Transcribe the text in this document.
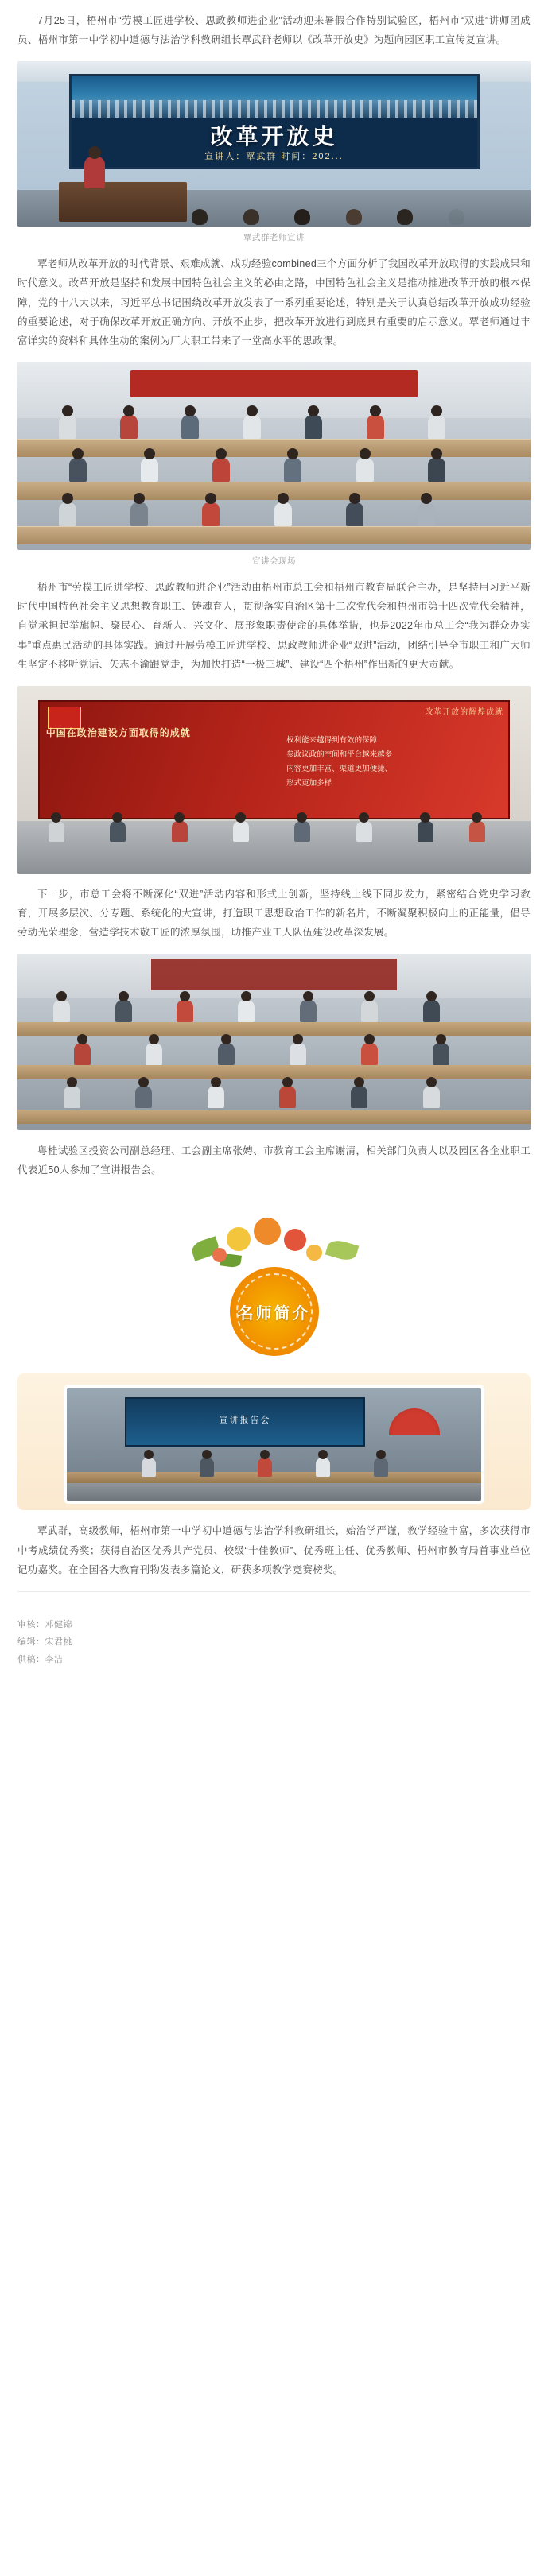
7月25日，梧州市“劳模工匠进学校、思政教师进企业”活动迎来暑假合作特别试验区，梧州市“双进”讲师团成员、梧州市第一中学初中道德与法治学科教研组长覃武群老师以《改革开放史》为题向园区职工宣传复宣讲。

改革开放史
宣讲人：覃武群 时间：202...
覃武群老师宣讲

覃老师从改革开放的时代背景、艰难成就、成功经验combined三个方面分析了我国改革开放取得的实践成果和时代意义。改革开放是坚持和发展中国特色社会主义的必由之路，中国特色社会主义是推动推进改革开放的根本保障，党的十八大以来，习近平总书记围绕改革开放发表了一系列重要论述，特别是关于认真总结改革开放成功经验的重要论述，对于确保改革开放正确方向、开放不止步，把改革开放进行到底具有重要的启示意义。覃老师通过丰富详实的资料和具体生动的案例为厂大职工带来了一堂高水平的思政课。

宣讲会现场

梧州市“劳模工匠进学校、思政教师进企业”活动由梧州市总工会和梧州市教育局联合主办，是坚持用习近平新时代中国特色社会主义思想教育职工、铸魂育人，贯彻落实自治区第十二次党代会和梧州市第十四次党代会精神，自觉承担起举旗帜、聚民心、育新人、兴文化、展形象职责使命的具体举措，也是2022年市总工会“我为群众办实事”重点惠民活动的具体实践。通过开展劳模工匠进学校、思政教师进企业“双进”活动，团结引导全市职工和广大师生坚定不移听党话、矢志不渝跟党走，为加快打造“一极三城”、建设“四个梧州”作出新的更大贡献。

改革开放的辉煌成就
中国在政治建设方面取得的成就
权利能来越得到有效的保障
参政议政的空间和平台越来越多
内容更加丰富、渠道更加便捷、
形式更加多样

下一步，市总工会将不断深化“双进”活动内容和形式上创新，坚持线上线下同步发力，紧密结合党史学习教育，开展多层次、分专题、系统化的大宣讲，打造职工思想政治工作的新名片，不断凝聚积极向上的正能量，倡导劳动光荣理念，营造学技术敬工匠的浓厚氛围，助推产业工人队伍建设改革深发展。

粤桂试验区投资公司副总经理、工会副主席张娉、市教育工会主席谢清，相关部门负责人以及园区各企业职工代表近50人参加了宣讲报告会。

名师简介
宣讲报告会

覃武群，高级教师，梧州市第一中学初中道德与法治学科教研组长，始治学严谨，教学经验丰富，多次获得市中考成绩优秀奖；获得自治区优秀共产党员、校级“十佳教师”、优秀班主任、优秀教师、梧州市教育局首事业单位记功嘉奖。在全国各大教育刊物发表多篇论文，研获多项教学竞赛榜奖。

审核：邓健锦
编辑：宋君桃
供稿：李洁
